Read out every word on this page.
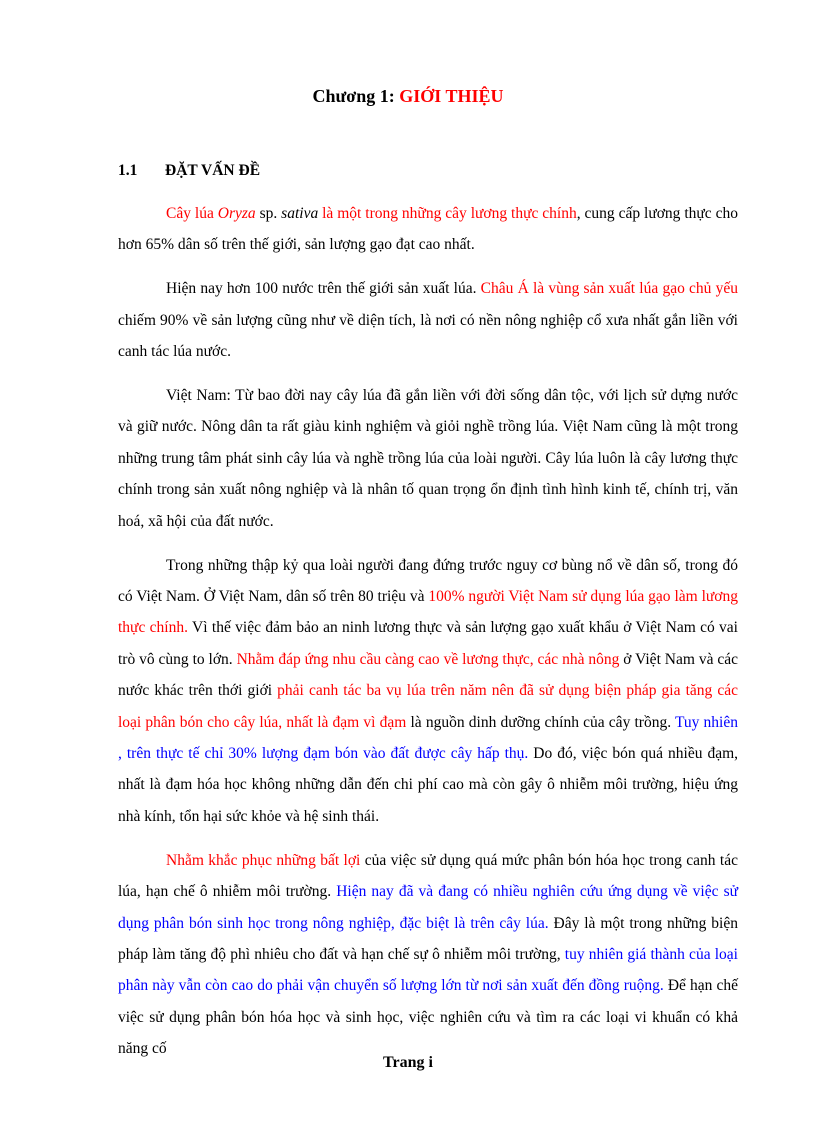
Chương 1: GIỚI THIỆU
1.1 ĐẶT VẤN ĐỀ

Cây lúa Oryza sp. sativa là một trong những cây lương thực chính, cung cấp lương thực cho hơn 65% dân số trên thế giới, sản lượng gạo đạt cao nhất.

Hiện nay hơn 100 nước trên thế giới sản xuất lúa. Châu Á là vùng sản xuất lúa gạo chủ yếu chiếm 90% về sản lượng cũng như về diện tích, là nơi có nền nông nghiệp cổ xưa nhất gắn liền với canh tác lúa nước.

Việt Nam: Từ bao đời nay cây lúa đã gắn liền với đời sống dân tộc, với lịch sử dựng nước và giữ nước. Nông dân ta rất giàu kinh nghiệm và giỏi nghề trồng lúa. Việt Nam cũng là một trong những trung tâm phát sinh cây lúa và nghề trồng lúa của loài người. Cây lúa luôn là cây lương thực chính trong sản xuất nông nghiệp và là nhân tố quan trọng ổn định tình hình kinh tế, chính trị, văn hoá, xã hội của đất nước.

Trong những thập kỷ qua loài người đang đứng trước nguy cơ bùng nổ về dân số, trong đó có Việt Nam. Ở Việt Nam, dân số trên 80 triệu và 100% người Việt Nam sử dụng lúa gạo làm lương thực chính. Vì thế việc đảm bảo an ninh lương thực và sản lượng gạo xuất khẩu ở Việt Nam có vai trò vô cùng to lớn. Nhằm đáp ứng nhu cầu càng cao về lương thực, các nhà nông ở Việt Nam và các nước khác trên thới giới phải canh tác ba vụ lúa trên năm nên đã sử dụng biện pháp gia tăng các loại phân bón cho cây lúa, nhất là đạm vì đạm là nguồn dinh dưỡng chính của cây trồng. Tuy nhiên , trên thực tế chỉ 30% lượng đạm bón vào đất được cây hấp thụ. Do đó, việc bón quá nhiều đạm, nhất là đạm hóa học không những dẫn đến chi phí cao mà còn gây ô nhiễm môi trường, hiệu ứng nhà kính, tổn hại sức khỏe và hệ sinh thái.

Nhằm khắc phục những bất lợi của việc sử dụng quá mức phân bón hóa học trong canh tác lúa, hạn chế ô nhiễm môi trường. Hiện nay đã và đang có nhiều nghiên cứu ứng dụng về việc sử dụng phân bón sinh học trong nông nghiệp, đặc biệt là trên cây lúa. Đây là một trong những biện pháp làm tăng độ phì nhiêu cho đất và hạn chế sự ô nhiễm môi trường, tuy nhiên giá thành của loại phân này vẫn còn cao do phải vận chuyển số lượng lớn từ nơi sản xuất đến đồng ruộng. Để hạn chế việc sử dụng phân bón hóa học và sinh học, việc nghiên cứu và tìm ra các loại vi khuẩn có khả năng cố

Trang i
